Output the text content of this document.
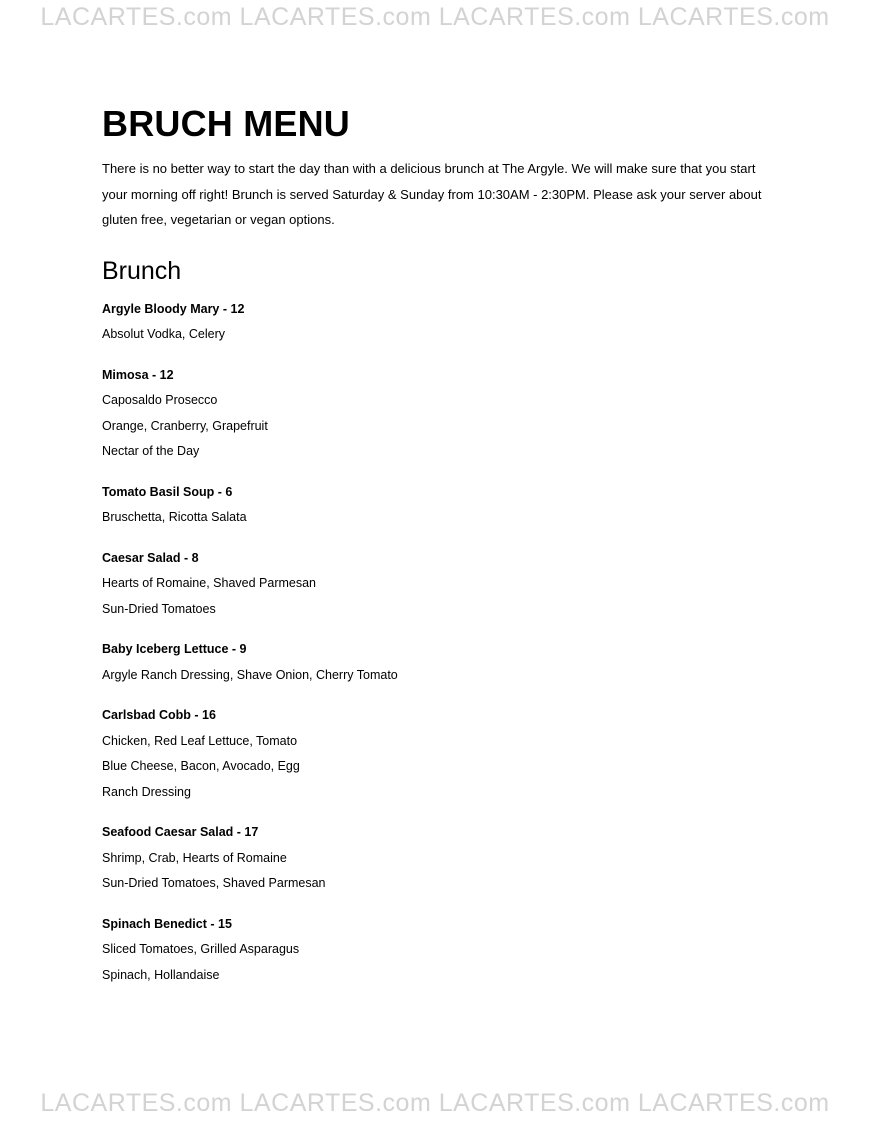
LACARTES.com LACARTES.com LACARTES.com LACARTES.com
BRUCH MENU
There is no better way to start the day than with a delicious brunch at The Argyle. We will make sure that you start
your morning off right! Brunch is served Saturday & Sunday from 10:30AM - 2:30PM. Please ask your server about
gluten free, vegetarian or vegan options.
Brunch
Argyle Bloody Mary - 12
Absolut Vodka, Celery
Mimosa - 12
Caposaldo Prosecco
Orange, Cranberry, Grapefruit
Nectar of the Day
Tomato Basil Soup - 6
Bruschetta, Ricotta Salata
Caesar Salad - 8
Hearts of Romaine, Shaved Parmesan
Sun-Dried Tomatoes
Baby Iceberg Lettuce - 9
Argyle Ranch Dressing, Shave Onion, Cherry Tomato
Carlsbad Cobb - 16
Chicken, Red Leaf Lettuce, Tomato
Blue Cheese, Bacon, Avocado, Egg
Ranch Dressing
Seafood Caesar Salad - 17
Shrimp, Crab, Hearts of Romaine
Sun-Dried Tomatoes, Shaved Parmesan
Spinach Benedict - 15
Sliced Tomatoes, Grilled Asparagus
Spinach, Hollandaise
LACARTES.com LACARTES.com LACARTES.com LACARTES.com
